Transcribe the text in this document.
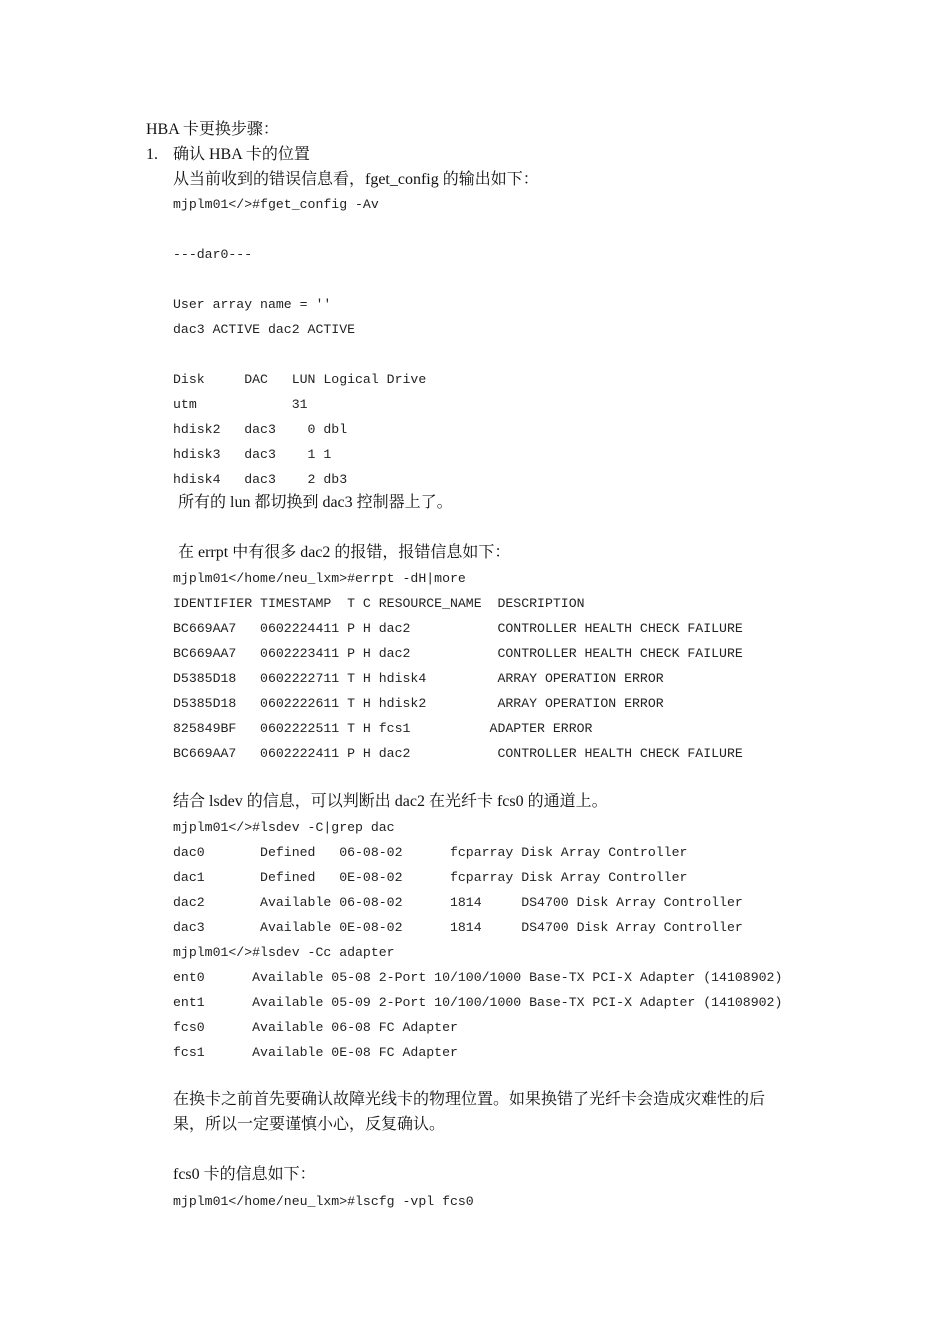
HBA 卡更换步骤：
1. 确认 HBA 卡的位置
从当前收到的错误信息看，fget_config 的输出如下：
mjplm01</>#fget_config -Av
---dar0---
User array name = ''
dac3 ACTIVE dac2 ACTIVE
Disk     DAC   LUN Logical Drive
utm            31
hdisk2   dac3    0 dbl
hdisk3   dac3    1 1
hdisk4   dac3    2 db3
所有的 lun 都切换到 dac3 控制器上了。
在 errpt 中有很多 dac2 的报错，报错信息如下：
mjplm01</home/neu_lxm>#errpt -dH|more
IDENTIFIER TIMESTAMP  T C RESOURCE_NAME  DESCRIPTION
BC669AA7   0602224411 P H dac2           CONTROLLER HEALTH CHECK FAILURE
BC669AA7   0602223411 P H dac2           CONTROLLER HEALTH CHECK FAILURE
D5385D18   0602222711 T H hdisk4         ARRAY OPERATION ERROR
D5385D18   0602222611 T H hdisk2         ARRAY OPERATION ERROR
825849BF   0602222511 T H fcs1          ADAPTER ERROR
BC669AA7   0602222411 P H dac2           CONTROLLER HEALTH CHECK FAILURE
结合 lsdev 的信息，可以判断出 dac2 在光纤卡 fcs0 的通道上。
mjplm01</>#lsdev -C|grep dac
dac0       Defined   06-08-02      fcparray Disk Array Controller
dac1       Defined   0E-08-02      fcparray Disk Array Controller
dac2       Available 06-08-02      1814     DS4700 Disk Array Controller
dac3       Available 0E-08-02      1814     DS4700 Disk Array Controller
mjplm01</>#lsdev -Cc adapter
ent0      Available 05-08 2-Port 10/100/1000 Base-TX PCI-X Adapter (14108902)
ent1      Available 05-09 2-Port 10/100/1000 Base-TX PCI-X Adapter (14108902)
fcs0      Available 06-08 FC Adapter
fcs1      Available 0E-08 FC Adapter
在换卡之前首先要确认故障光线卡的物理位置。如果换错了光纤卡会造成灾难性的后
果，所以一定要谨慎小心，反复确认。
fcs0 卡的信息如下：
mjplm01</home/neu_lxm>#lscfg -vpl fcs0
